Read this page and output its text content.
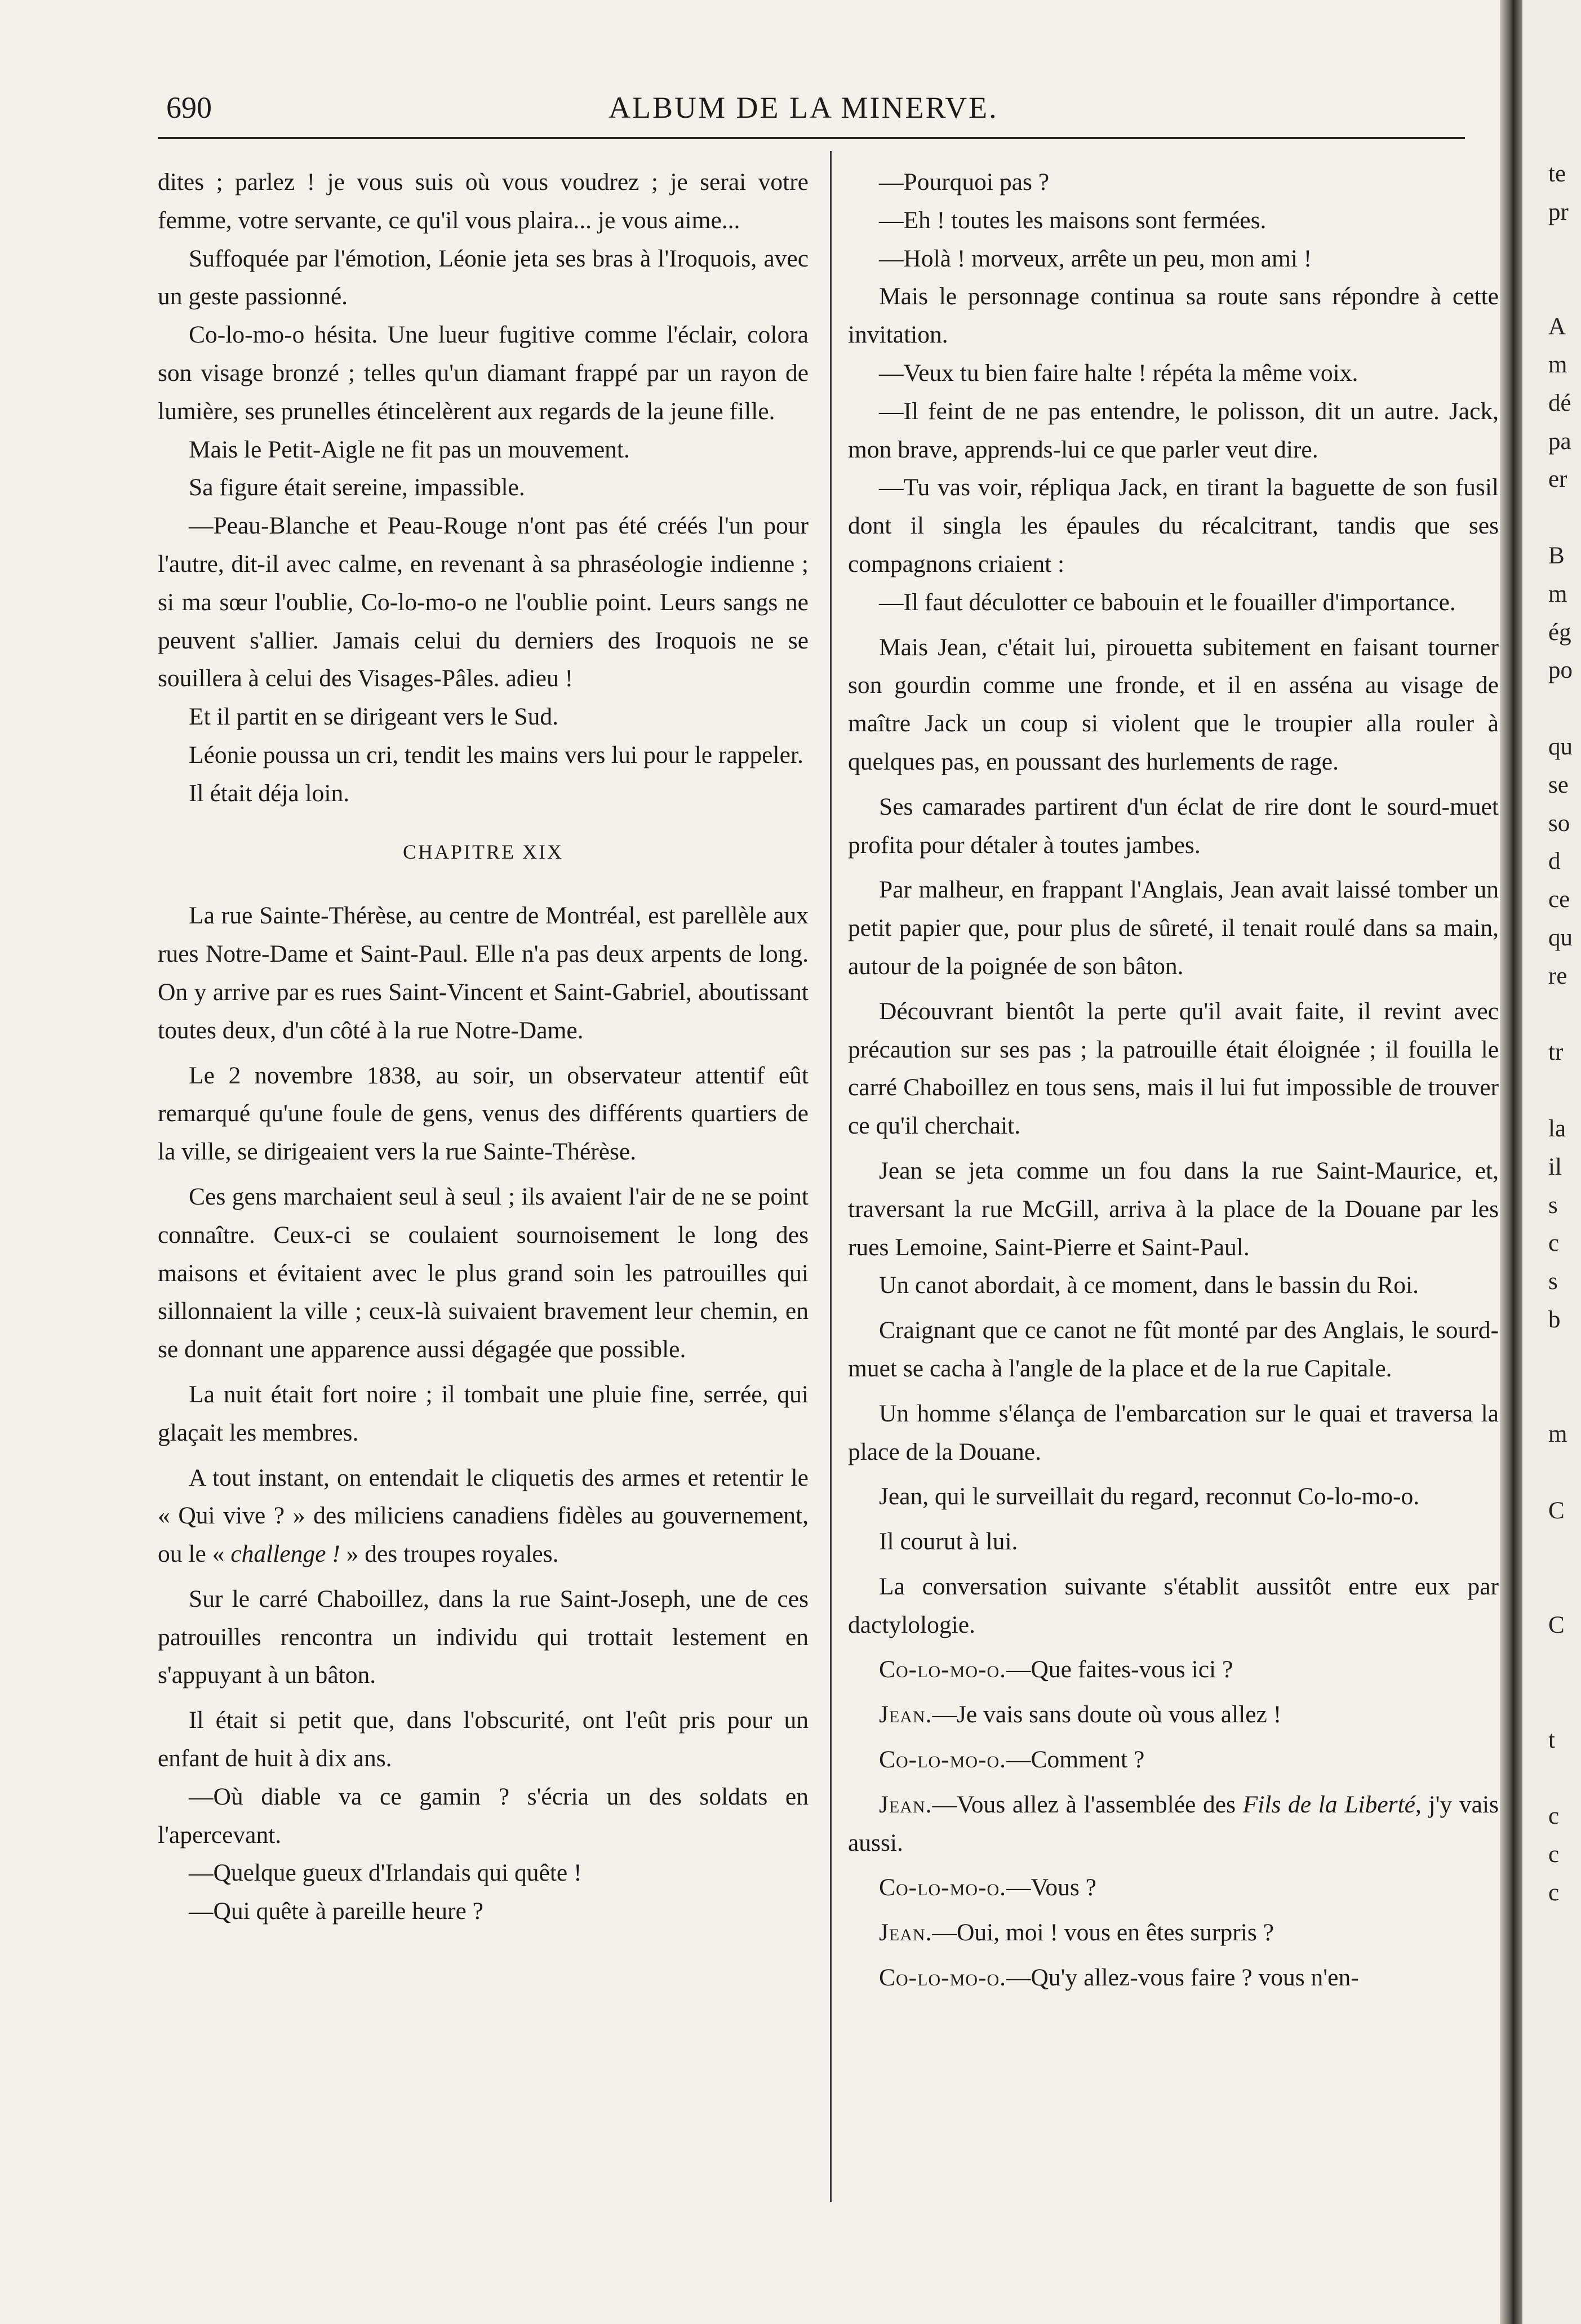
690	ALBUM DE LA MINERVE.

dites ; parlez ! je vous suis où vous voudrez ; je serai votre femme, votre servante, ce qu'il vous plaira... je vous aime...

Suffoquée par l'émotion, Léonie jeta ses bras à l'Iroquois, avec un geste passionné.

Co-lo-mo-o hésita. Une lueur fugitive comme l'éclair, colora son visage bronzé ; telles qu'un diamant frappé par un rayon de lumière, ses prunelles étincelèrent aux regards de la jeune fille.

Mais le Petit-Aigle ne fit pas un mouvement.

Sa figure était sereine, impassible.

—Peau-Blanche et Peau-Rouge n'ont pas été créés l'un pour l'autre, dit-il avec calme, en revenant à sa phraséologie indienne ; si ma sœur l'oublie, Co-lo-mo-o ne l'oublie point. Leurs sangs ne peuvent s'allier. Jamais celui du derniers des Iroquois ne se souillera à celui des Visages-Pâles. adieu !

Et il partit en se dirigeant vers le Sud.

Léonie poussa un cri, tendit les mains vers lui pour le rappeler.

Il était déja loin.

CHAPITRE XIX

La rue Sainte-Thérèse, au centre de Montréal, est parellèle aux rues Notre-Dame et Saint-Paul. Elle n'a pas deux arpents de long. On y arrive par es rues Saint-Vincent et Saint-Gabriel, aboutissant toutes deux, d'un côté à la rue Notre-Dame.

Le 2 novembre 1838, au soir, un observateur attentif eût remarqué qu'une foule de gens, venus des différents quartiers de la ville, se dirigeaient vers la rue Sainte-Thérèse.

Ces gens marchaient seul à seul ; ils avaient l'air de ne se point connaître. Ceux-ci se coulaient sournoisement le long des maisons et évitaient avec le plus grand soin les patrouilles qui sillonnaient la ville ; ceux-là suivaient bravement leur chemin, en se donnant une apparence aussi dégagée que possible.

La nuit était fort noire ; il tombait une pluie fine, serrée, qui glaçait les membres.

A tout instant, on entendait le cliquetis des armes et retentir le « Qui vive ? » des miliciens canadiens fidèles au gouvernement, ou le « challenge ! » des troupes royales.

Sur le carré Chaboillez, dans la rue Saint-Joseph, une de ces patrouilles rencontra un individu qui trottait lestement en s'appuyant à un bâton.

Il était si petit que, dans l'obscurité, ont l'eût pris pour un enfant de huit à dix ans.

—Où diable va ce gamin ? s'écria un des soldats en l'apercevant.

—Quelque gueux d'Irlandais qui quête !

—Qui quête à pareille heure ?

—Pourquoi pas ?

—Eh ! toutes les maisons sont fermées.

—Holà ! morveux, arrête un peu, mon ami !

Mais le personnage continua sa route sans répondre à cette invitation.

—Veux tu bien faire halte ! répéta la même voix.

—Il feint de ne pas entendre, le polisson, dit un autre. Jack, mon brave, apprends-lui ce que parler veut dire.

—Tu vas voir, répliqua Jack, en tirant la baguette de son fusil dont il singla les épaules du récalcitrant, tandis que ses compagnons criaient :

—Il faut déculotter ce babouin et le fouailler d'importance.

Mais Jean, c'était lui, pirouetta subitement en faisant tourner son gourdin comme une fronde, et il en asséna au visage de maître Jack un coup si violent que le troupier alla rouler à quelques pas, en poussant des hurlements de rage.

Ses camarades partirent d'un éclat de rire dont le sourd-muet profita pour détaler à toutes jambes.

Par malheur, en frappant l'Anglais, Jean avait laissé tomber un petit papier que, pour plus de sûreté, il tenait roulé dans sa main, autour de la poignée de son bâton.

Découvrant bientôt la perte qu'il avait faite, il revint avec précaution sur ses pas ; la patrouille était éloignée ; il fouilla le carré Chaboillez en tous sens, mais il lui fut impossible de trouver ce qu'il cherchait.

Jean se jeta comme un fou dans la rue Saint-Maurice, et, traversant la rue McGill, arriva à la place de la Douane par les rues Lemoine, Saint-Pierre et Saint-Paul.

Un canot abordait, à ce moment, dans le bassin du Roi.

Craignant que ce canot ne fût monté par des Anglais, le sourd-muet se cacha à l'angle de la place et de la rue Capitale.

Un homme s'élança de l'embarcation sur le quai et traversa la place de la Douane.

Jean, qui le surveillait du regard, reconnut Co-lo-mo-o.

Il courut à lui.

La conversation suivante s'établit aussitôt entre eux par dactylologie.

Co-lo-mo-o.—Que faites-vous ici ?

Jean.—Je vais sans doute où vous allez !

Co-lo-mo-o.—Comment ?

Jean.—Vous allez à l'assemblée des Fils de la Liberté, j'y vais aussi.

Co-lo-mo-o.—Vous ?

Jean.—Oui, moi ! vous en êtes surpris ?

Co-lo-mo-o.—Qu'y allez-vous faire ? vous n'en-

te
pr

A
m
dé
pa
er

B
m
ég
po

qu
se
so
d
ce
qu
re

tr

la
il
s
c
s
b

m

C

C

t

c
c
c
